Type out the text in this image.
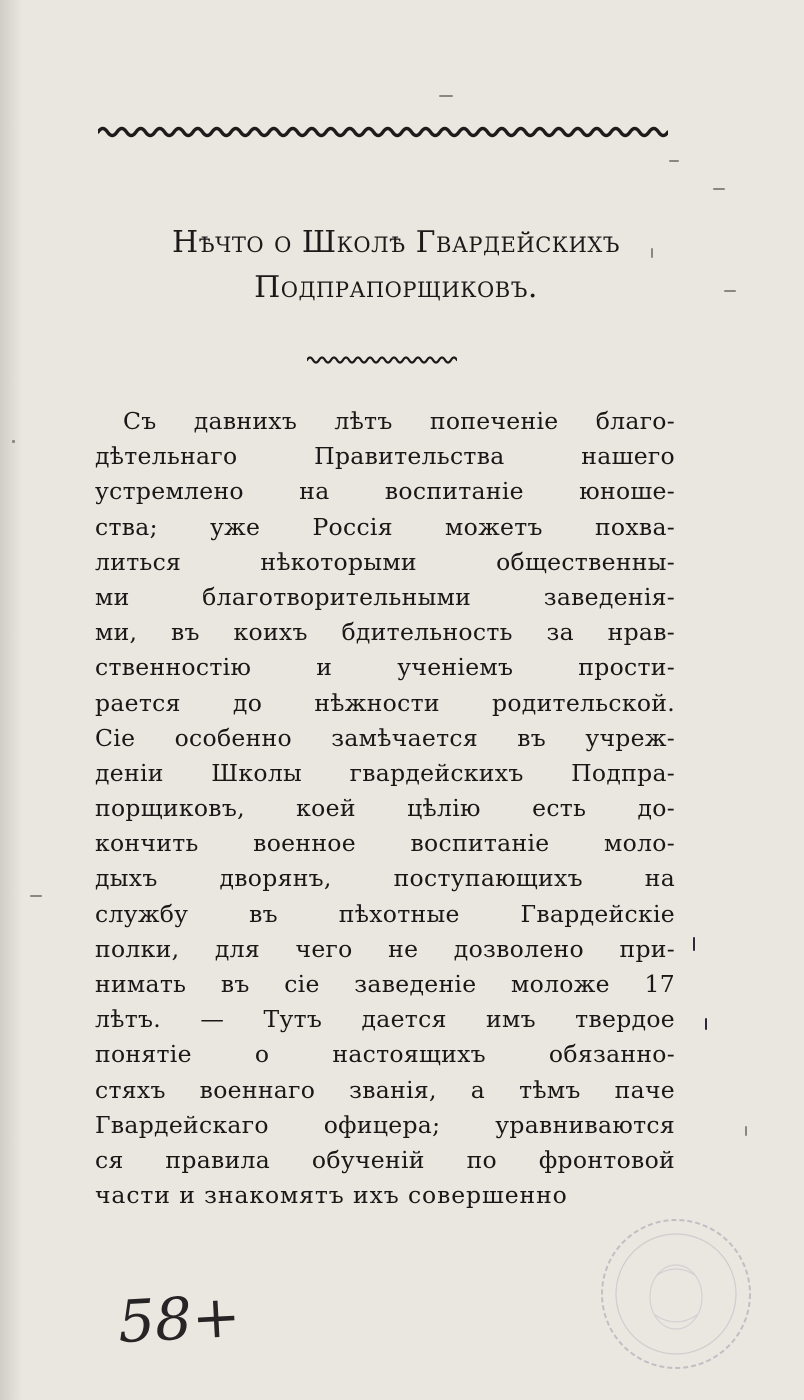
Нѣчто о Школѣ Гвардейскихъ
Подпрапорщиковъ.
Съ давнихъ лѣтъ попеченіе благо-
дѣтельнаго Правительства нашего
устремлено на воспитаніе юноше-
ства; уже Россія можетъ похва-
литься нѣкоторыми общественны-
ми благотворительными заведенія-
ми, въ коихъ бдительность за нрав-
ственностію и ученіемъ прости-
рается до нѣжности родительской.
Сіе особенно замѣчается въ учреж-
деніи Школы гвардейскихъ Подпра-
порщиковъ, коей цѣлію есть до-
кончить военное воспитаніе моло-
дыхъ дворянъ, поступающихъ на
службу въ пѣхотные Гвардейскіе
полки, для чего не дозволено при-
нимать въ сіе заведеніе моложе 17
лѣтъ. — Тутъ дается имъ твердое
понятіе о настоящихъ обязанно-
стяхъ военнаго званія, а тѣмъ паче
Гвардейскаго офицера; уравниваются
ся правила обученій по фронтовой
части и знакомятъ ихъ совершенно
58+
